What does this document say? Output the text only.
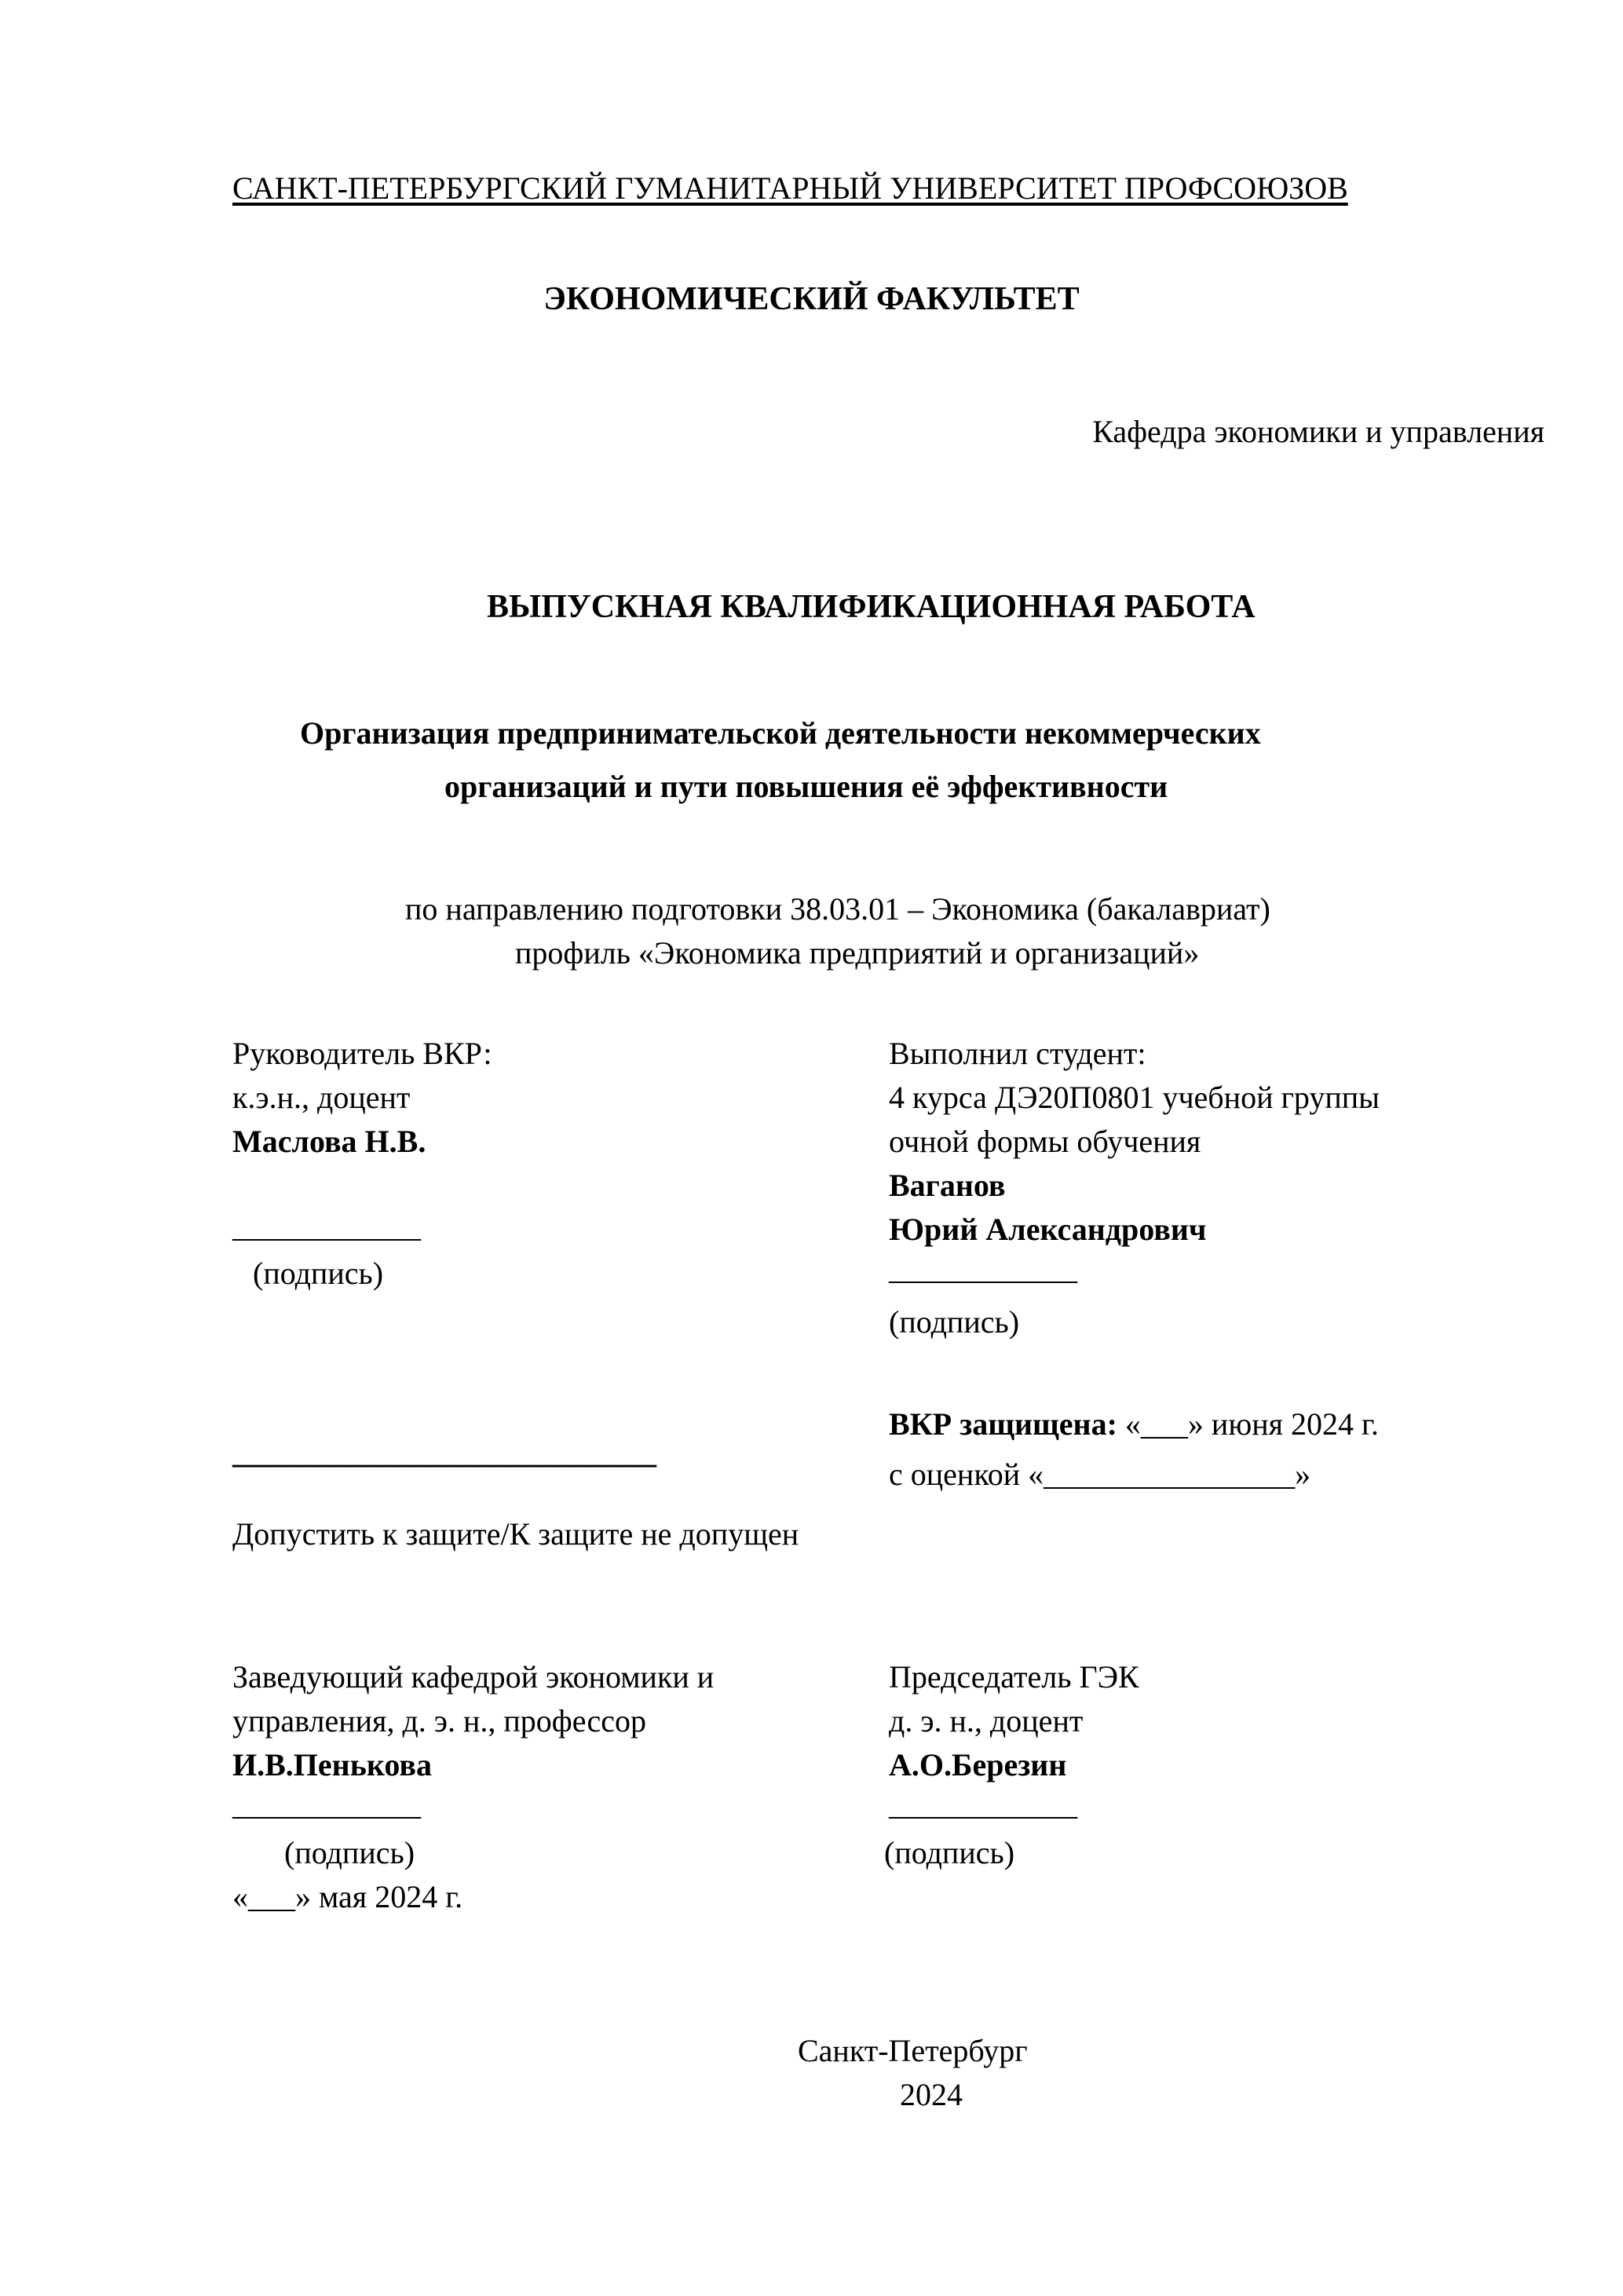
САНКТ-ПЕТЕРБУРГСКИЙ ГУМАНИТАРНЫЙ УНИВЕРСИТЕТ ПРОФСОЮЗОВ
ЭКОНОМИЧЕСКИЙ ФАКУЛЬТЕТ
Кафедра экономики и управления
ВЫПУСКНАЯ КВАЛИФИКАЦИОННАЯ РАБОТА
Организация предпринимательской деятельности некоммерческих
организаций и пути повышения её эффективности
по направлению подготовки 38.03.01 – Экономика (бакалавриат)
профиль «Экономика предприятий и организаций»
Руководитель ВКР:
к.э.н., доцент
Маслова Н.В.
____________
(подпись)
Выполнил студент:
4 курса ДЭ20П0801 учебной группы
очной формы обучения
Ваганов
Юрий Александрович
____________
(подпись)
___________________________
Допустить к защите/К защите не допущен
ВКР защищена: «___» июня 2024 г.
с оценкой «________________»
Заведующий кафедрой экономики и
управления, д. э. н., профессор
И.В.Пенькова
____________
(подпись)
«___» мая 2024 г.
Председатель ГЭК
д. э. н., доцент
А.О.Березин
____________
(подпись)
Санкт-Петербург
2024
